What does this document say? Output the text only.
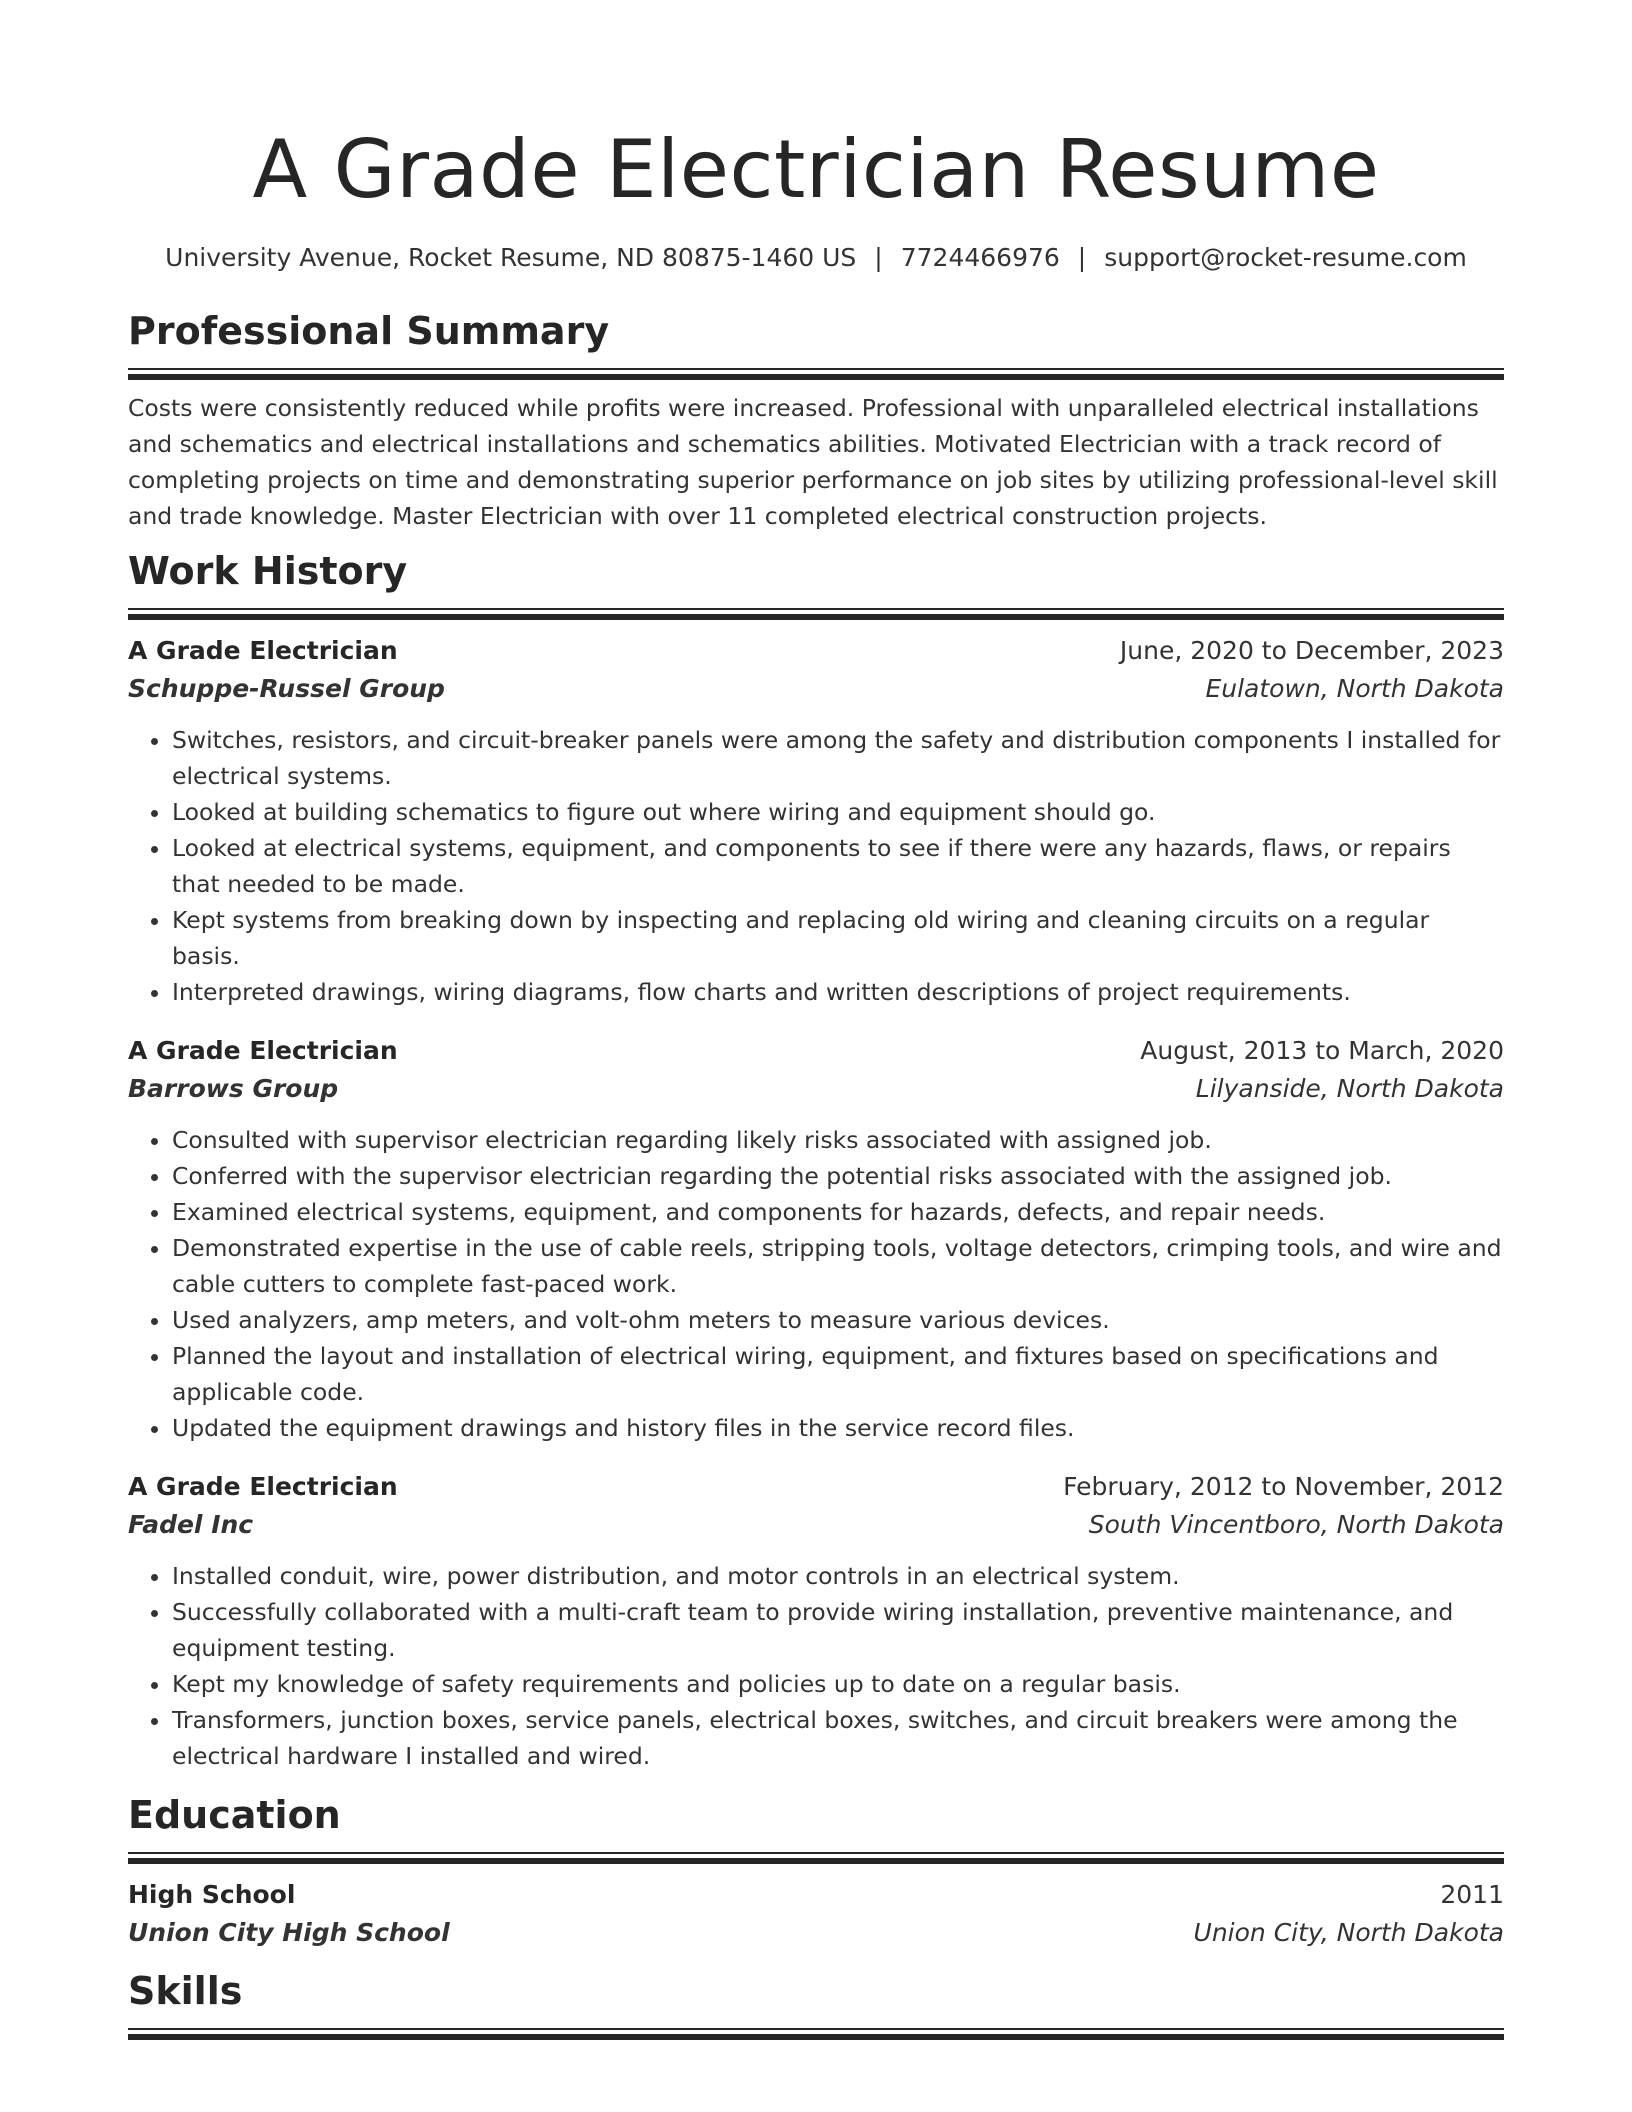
A Grade Electrician Resume
University Avenue, Rocket Resume, ND 80875-1460 US | 7724466976 | support@rocket-resume.com
Professional Summary
Costs were consistently reduced while profits were increased. Professional with unparalleled electrical installations and schematics and electrical installations and schematics abilities. Motivated Electrician with a track record of completing projects on time and demonstrating superior performance on job sites by utilizing professional-level skill and trade knowledge. Master Electrician with over 11 completed electrical construction projects.
Work History
A Grade Electrician	June, 2020 to December, 2023
Schuppe-Russel Group	Eulatown, North Dakota
• Switches, resistors, and circuit-breaker panels were among the safety and distribution components I installed for electrical systems.
• Looked at building schematics to figure out where wiring and equipment should go.
• Looked at electrical systems, equipment, and components to see if there were any hazards, flaws, or repairs that needed to be made.
• Kept systems from breaking down by inspecting and replacing old wiring and cleaning circuits on a regular basis.
• Interpreted drawings, wiring diagrams, flow charts and written descriptions of project requirements.
A Grade Electrician	August, 2013 to March, 2020
Barrows Group	Lilyanside, North Dakota
• Consulted with supervisor electrician regarding likely risks associated with assigned job.
• Conferred with the supervisor electrician regarding the potential risks associated with the assigned job.
• Examined electrical systems, equipment, and components for hazards, defects, and repair needs.
• Demonstrated expertise in the use of cable reels, stripping tools, voltage detectors, crimping tools, and wire and cable cutters to complete fast-paced work.
• Used analyzers, amp meters, and volt-ohm meters to measure various devices.
• Planned the layout and installation of electrical wiring, equipment, and fixtures based on specifications and applicable code.
• Updated the equipment drawings and history files in the service record files.
A Grade Electrician	February, 2012 to November, 2012
Fadel Inc	South Vincentboro, North Dakota
• Installed conduit, wire, power distribution, and motor controls in an electrical system.
• Successfully collaborated with a multi-craft team to provide wiring installation, preventive maintenance, and equipment testing.
• Kept my knowledge of safety requirements and policies up to date on a regular basis.
• Transformers, junction boxes, service panels, electrical boxes, switches, and circuit breakers were among the electrical hardware I installed and wired.
Education
High School	2011
Union City High School	Union City, North Dakota
Skills
